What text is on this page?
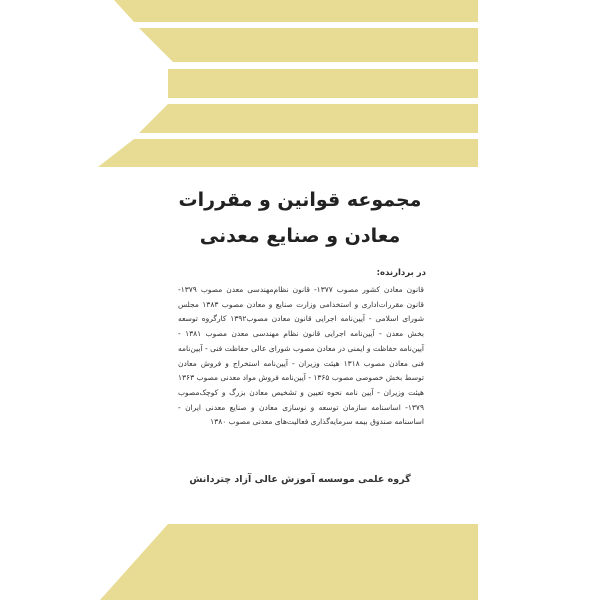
مجموعه قوانین و مقررات
معادن و صنایع معدنی
در بردارنده:

قانون معادن کشور مصوب ۱۳۷۷- قانون نظام‌مهندسی معدن مصوب ۱۳۷۹- قانون مقررات‌اداری و استخدامی وزارت صنایع و معادن مصوب ۱۳۸۳ مجلس شورای اسلامی - آیین‌نامه اجرایی قانون معادن مصوب۱۳۹۲ کارگروه توسعه بخش معدن - آیین‌نامه اجرایی قانون نظام مهندسی معدن مصوب ۱۳۸۱ - آیین‌نامه حفاظت و ایمنی در معادن مصوب شورای عالی حفاظت فنی - آیین‌نامه فنی معادن مصوب ۱۳۱۸ هیئت وزیران - آیین‌نامه استخراج و فروش معادن توسط بخش خصوصی مصوب ۱۳۶۵ - آیین‌نامه فروش مواد معدنی مصوب ۱۳۶۳ هیئت وزیران - آیین نامه نحوه تعیین و تشخیص معادن بزرگ و کوچک‌مصوب ۱۳۷۹- اساسنامه سازمان توسعه و نوسازی معادن و صنایع معدنی ایران - اساسنامه صندوق بیمه سرمایه‌گذاری فعالیت‌های معدنی مصوب ۱۳۸۰

گروه علمی موسسه آموزش عالی آزاد چتردانش
